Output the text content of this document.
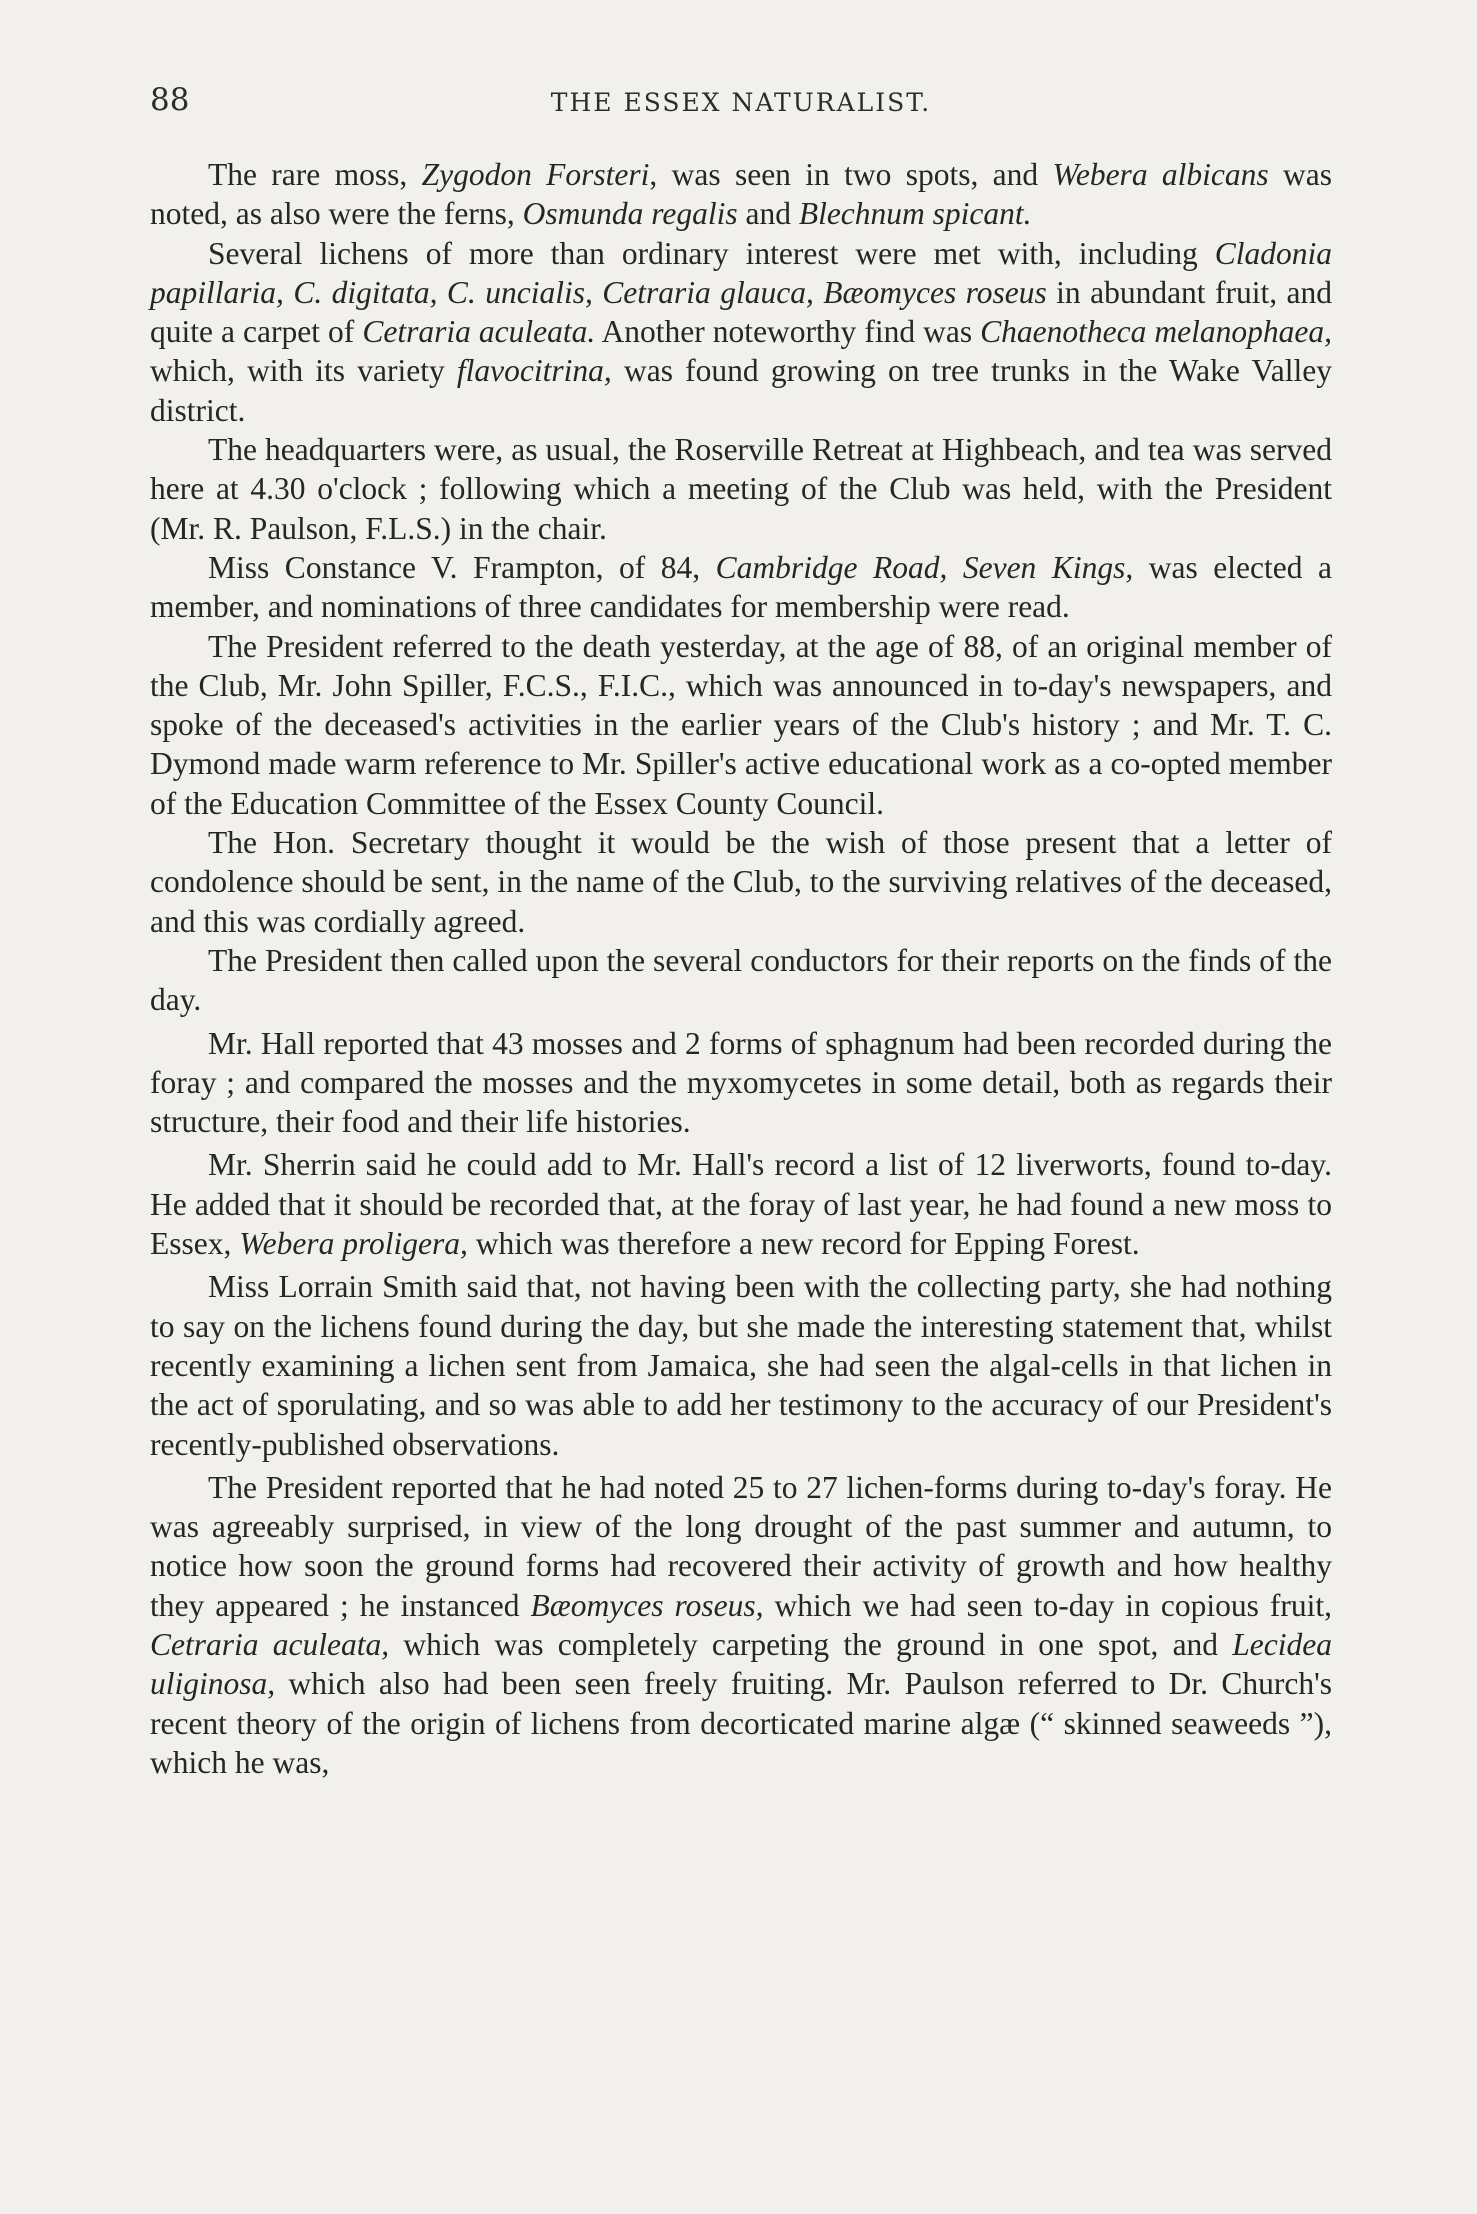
88	THE ESSEX NATURALIST.

The rare moss, Zygodon Forsteri, was seen in two spots, and Webera albicans was noted, as also were the ferns, Osmunda regalis and Blechnum spicant.

Several lichens of more than ordinary interest were met with, including Cladonia papillaria, C. digitata, C. uncialis, Cetraria glauca, Bæomyces roseus in abundant fruit, and quite a carpet of Cetraria aculeata. Another noteworthy find was Chaenotheca melanophaea, which, with its variety flavocitrina, was found growing on tree trunks in the Wake Valley district.

The headquarters were, as usual, the Roserville Retreat at Highbeach, and tea was served here at 4.30 o'clock ; following which a meeting of the Club was held, with the President (Mr. R. Paulson, F.L.S.) in the chair.

Miss Constance V. Frampton, of 84, Cambridge Road, Seven Kings, was elected a member, and nominations of three candidates for membership were read.

The President referred to the death yesterday, at the age of 88, of an original member of the Club, Mr. John Spiller, F.C.S., F.I.C., which was announced in to-day's newspapers, and spoke of the deceased's activities in the earlier years of the Club's history ; and Mr. T. C. Dymond made warm reference to Mr. Spiller's active educational work as a co-opted member of the Education Committee of the Essex County Council.

The Hon. Secretary thought it would be the wish of those present that a letter of condolence should be sent, in the name of the Club, to the surviving relatives of the deceased, and this was cordially agreed.

The President then called upon the several conductors for their reports on the finds of the day.

Mr. Hall reported that 43 mosses and 2 forms of sphagnum had been recorded during the foray ; and compared the mosses and the myxomycetes in some detail, both as regards their structure, their food and their life histories.

Mr. Sherrin said he could add to Mr. Hall's record a list of 12 liverworts, found to-day. He added that it should be recorded that, at the foray of last year, he had found a new moss to Essex, Webera proligera, which was therefore a new record for Epping Forest.

Miss Lorrain Smith said that, not having been with the collecting party, she had nothing to say on the lichens found during the day, but she made the interesting statement that, whilst recently examining a lichen sent from Jamaica, she had seen the algal-cells in that lichen in the act of sporulating, and so was able to add her testimony to the accuracy of our President's recently-published observations.

The President reported that he had noted 25 to 27 lichen-forms during to-day's foray. He was agreeably surprised, in view of the long drought of the past summer and autumn, to notice how soon the ground forms had recovered their activity of growth and how healthy they appeared ; he instanced Bæomyces roseus, which we had seen to-day in copious fruit, Cetraria aculeata, which was completely carpeting the ground in one spot, and Lecidea uliginosa, which also had been seen freely fruiting. Mr. Paulson referred to Dr. Church's recent theory of the origin of lichens from decorticated marine algæ (“ skinned seaweeds ”), which he was,
